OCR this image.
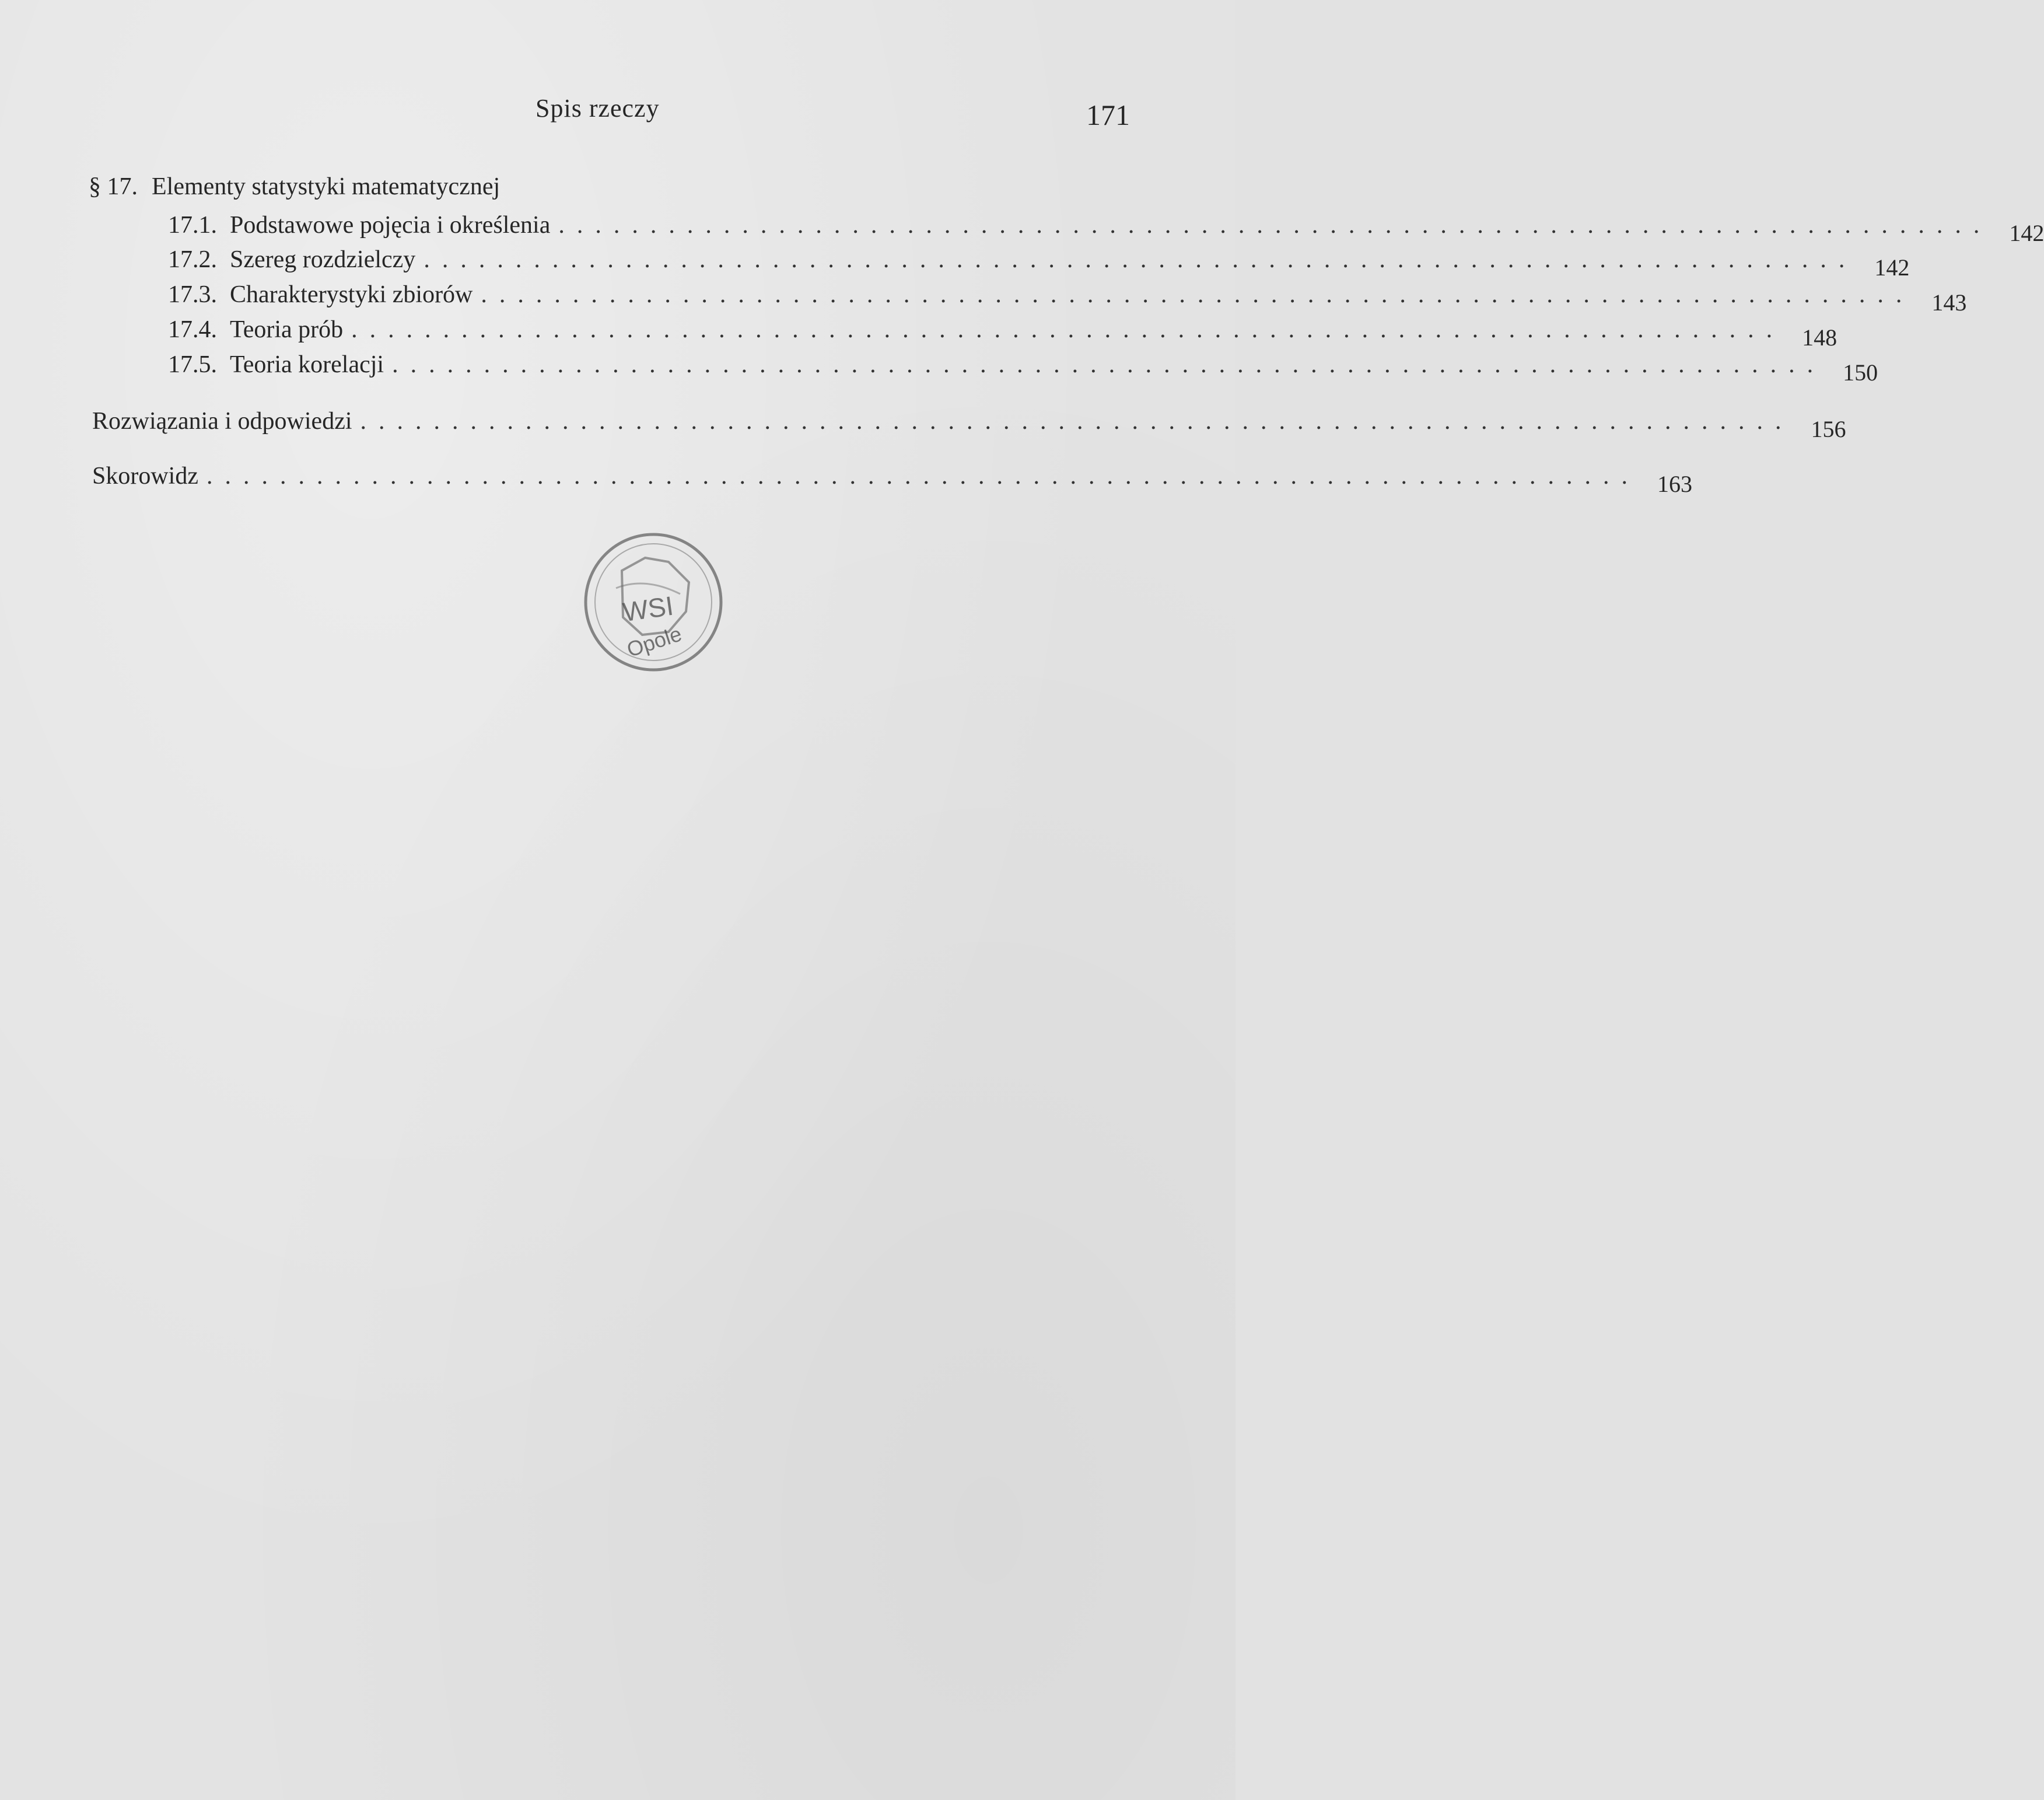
Spis rzeczy	171
§ 17. Elementy statystyki matematycznej
17.1. Podstawowe pojęcia i określenia .............................................................................. 142
17.2. Szereg rozdzielczy .............................................................................. 142
17.3. Charakterystyki zbiorów .............................................................................. 143
17.4. Teoria prób .............................................................................. 148
17.5. Teoria korelacji .............................................................................. 150
Rozwiązania i odpowiedzi .............................................................................. 156
Skorowidz .............................................................................. 163
WSI
Opole
